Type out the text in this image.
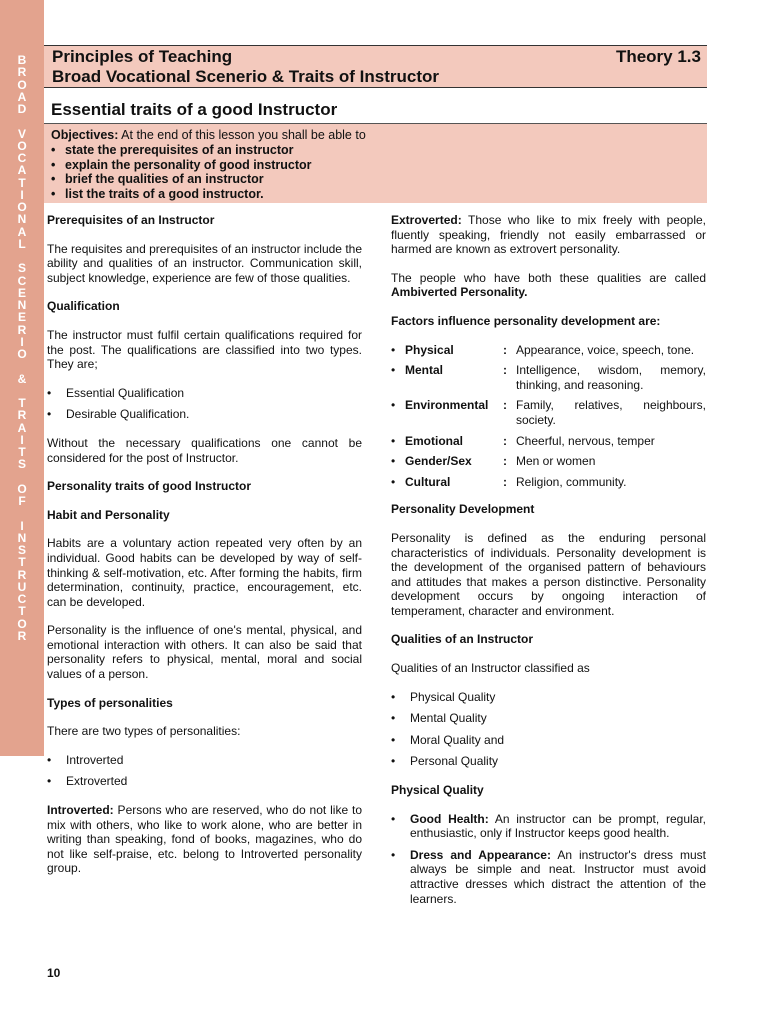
B
R
O
A
D
V
O
C
A
T
I
O
N
A
L
S
C
E
N
E
R
I
O
&
T
R
A
I
T
S
O
F
I
N
S
T
R
U
C
T
O
R
Principles of Teaching
Broad Vocational Scenerio & Traits of Instructor
Theory 1.3
Essential traits of a good Instructor
Objectives: At the end of this lesson you shall be able to
• state the prerequisites of an instructor
• explain the personality of good instructor
• brief the qualities of an instructor
• list the traits of a good instructor.
Prerequisites of an Instructor

The requisites and prerequisites of an instructor include the ability and qualities of an instructor. Communication skill, subject knowledge, experience are few of those qualities.

Qualification

The instructor must fulfil certain qualifications required for the post. The qualifications are classified into two types. They are;

•	Essential Qualification
•	Desirable Qualification.

Without the necessary qualifications one cannot be considered for the post of Instructor.

Personality traits of good Instructor
Habit and Personality

Habits are a voluntary action repeated very often by an individual. Good habits can be developed by way of self-thinking & self-motivation, etc. After forming the habits, firm determination, continuity, practice, encouragement, etc. can be developed.

Personality is the influence of one's mental, physical, and emotional interaction with others. It can also be said that personality refers to physical, mental, moral and social values of a person.

Types of personalities

There are two types of personalities:

•	Introverted
•	Extroverted

Introverted: Persons who are reserved, who do not like to mix with others, who like to work alone, who are better in writing than speaking, fond of books, magazines, who do not like self-praise, etc. belong to Introverted personality group.

Extroverted: Those who like to mix freely with people, fluently speaking, friendly not easily embarrassed or harmed are known as extrovert personality.

The people who have both these qualities are called Ambiverted Personality.

Factors influence personality development are:
• Physical	: Appearance, voice, speech, tone.
• Mental	: Intelligence, wisdom, memory, thinking, and reasoning.
• Environmental	: Family, relatives, neighbours, society.
• Emotional	: Cheerful, nervous, temper
• Gender/Sex	: Men or women
• Cultural	: Religion, community.
Personality Development

Personality is defined as the enduring personal characteristics of individuals. Personality development is the development of the organised pattern of behaviours and attitudes that makes a person distinctive. Personality development occurs by ongoing interaction of temperament, character and environment.

Qualities of an Instructor

Qualities of an Instructor classified as

•	Physical Quality
•	Mental Quality
•	Moral Quality and
•	Personal Quality
Physical Quality
•	Good Health: An instructor can be prompt, regular, enthusiastic, only if Instructor keeps good health.
•	Dress and Appearance: An instructor's dress must always be simple and neat. Instructor must avoid attractive dresses which distract the attention of the learners.
10
